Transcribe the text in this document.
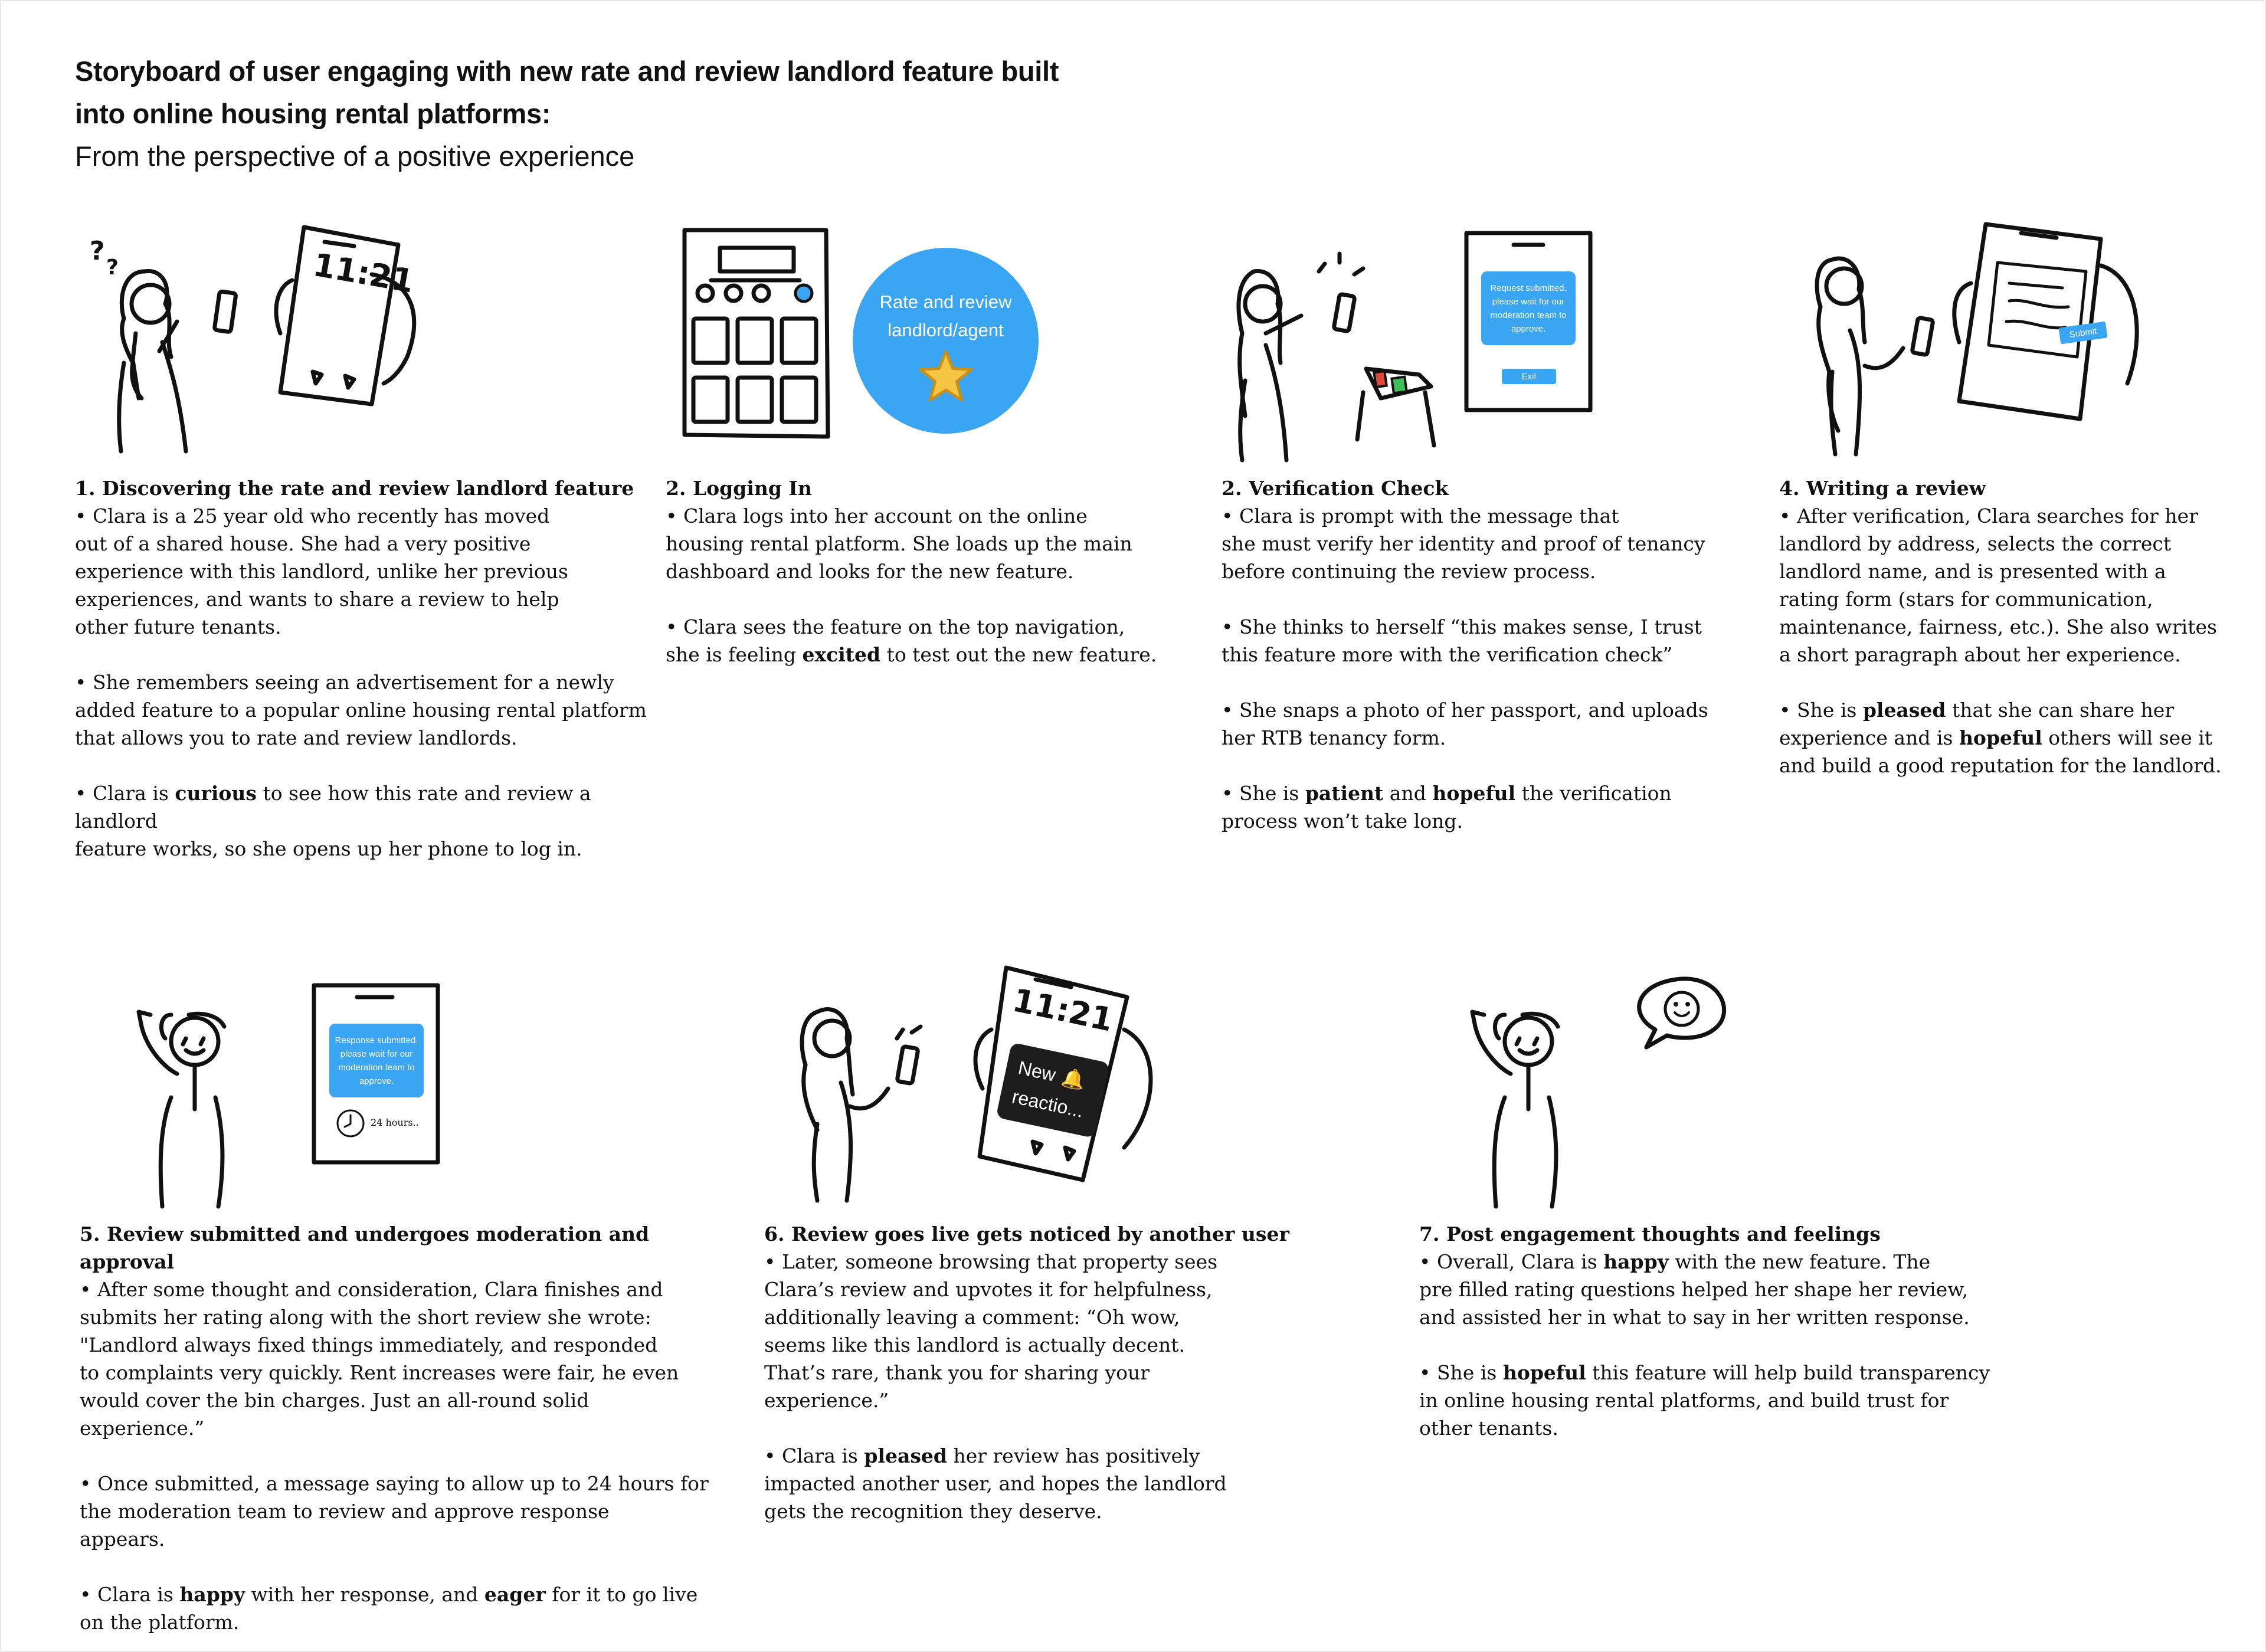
Storyboard of user engaging with new rate and review landlord feature built
into online housing rental platforms:
From the perspective of a positive experience
?
?	11:21
Rate and review landlord/agent
Request submitted, please wait for our moderation team to approve.
Exit
Submit
Response submitted, please wait for our moderation team to approve.
24 hours..
11:21
New 🔔
reactio...
1. Discovering the rate and review landlord feature

• Clara is a 25 year old who recently has moved

out of a shared house. She had a very positive

experience with this landlord, unlike her previous

experiences, and wants to share a review to help

other future tenants.

• She remembers seeing an advertisement for a newly

added feature to a popular online housing rental platform

that allows you to rate and review landlords.

• Clara is curious to see how this rate and review a landlord

feature works, so she opens up her phone to log in.

2. Logging In

• Clara logs into her account on the online

housing rental platform. She loads up the main

dashboard and looks for the new feature.

• Clara sees the feature on the top navigation,

she is feeling excited to test out the new feature.

2. Verification Check

• Clara is prompt with the message that

she must verify her identity and proof of tenancy

before continuing the review process.

• She thinks to herself “this makes sense, I trust

this feature more with the verification check”

• She snaps a photo of her passport, and uploads

her RTB tenancy form.

• She is patient and hopeful the verification

process won’t take long.

4. Writing a review

• After verification, Clara searches for her

landlord by address, selects the correct

landlord name, and is presented with a

rating form (stars for communication,

maintenance, fairness, etc.). She also writes

a short paragraph about her experience.

• She is pleased that she can share her

experience and is hopeful others will see it

and build a good reputation for the landlord.

5. Review submitted and undergoes moderation and approval

• After some thought and consideration, Clara finishes and

submits her rating along with the short review she wrote:

"Landlord always fixed things immediately, and responded

to complaints very quickly. Rent increases were fair, he even

would cover the bin charges. Just an all-round solid

experience.”

• Once submitted, a message saying to allow up to 24 hours for

the moderation team to review and approve response

appears.

• Clara is happy with her response, and eager for it to go live

on the platform.

6. Review goes live gets noticed by another user

• Later, someone browsing that property sees

Clara’s review and upvotes it for helpfulness,

additionally leaving a comment: “Oh wow,

seems like this landlord is actually decent.

That’s rare, thank you for sharing your

experience.”

• Clara is pleased her review has positively

impacted another user, and hopes the landlord

gets the recognition they deserve.

7. Post engagement thoughts and feelings

• Overall, Clara is happy with the new feature. The

pre filled rating questions helped her shape her review,

and assisted her in what to say in her written response.

• She is hopeful this feature will help build transparency

in online housing rental platforms, and build trust for

other tenants.
